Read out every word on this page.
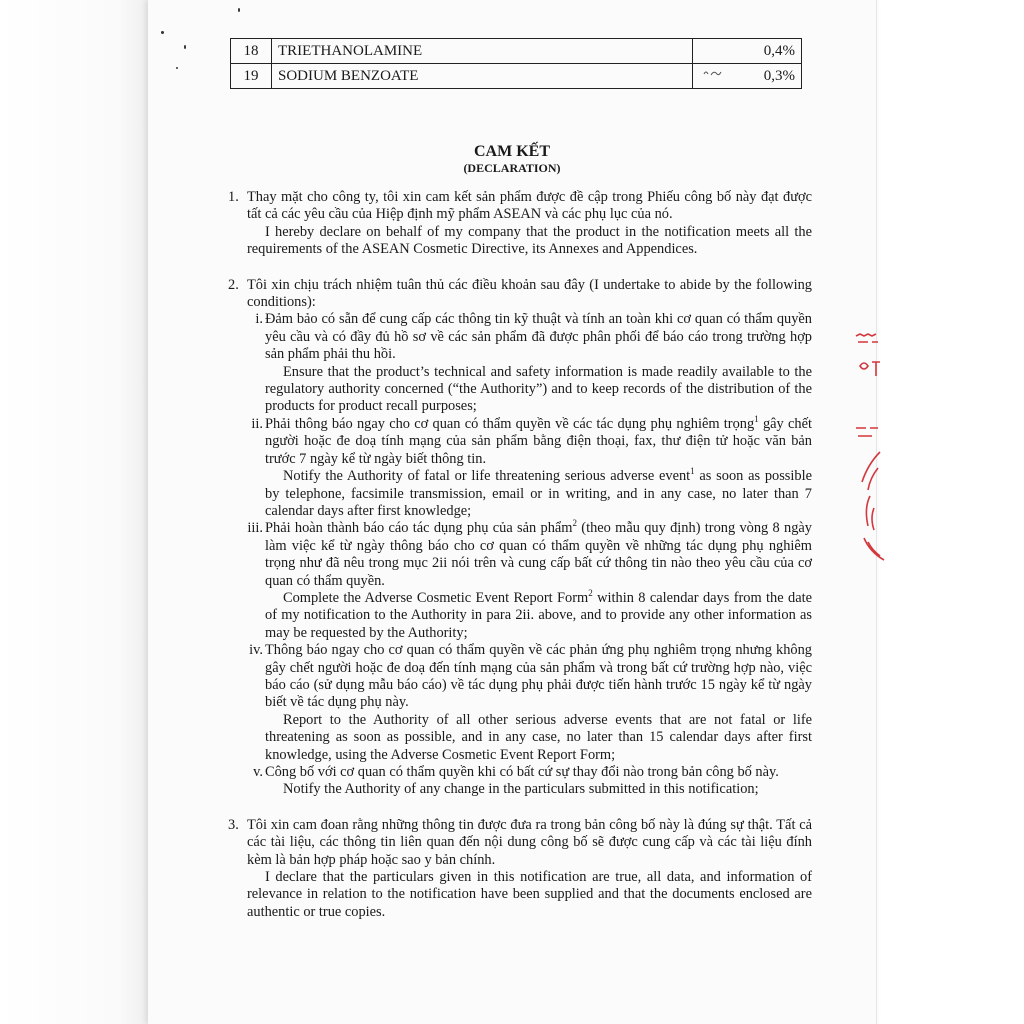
18	TRIETHANOLAMINE	0,4%
19	SODIUM BENZOATE	0,3%
CAM KẾT
(DECLARATION)
1. Thay mặt cho công ty, tôi xin cam kết sản phẩm được đề cập trong Phiếu công bố này đạt được tất cả các yêu cầu của Hiệp định mỹ phẩm ASEAN và các phụ lục của nó.
I hereby declare on behalf of my company that the product in the notification meets all the requirements of the ASEAN Cosmetic Directive, its Annexes and Appendices.
2. Tôi xin chịu trách nhiệm tuân thủ các điều khoản sau đây (I undertake to abide by the following conditions):
i. Đảm bảo có sẵn để cung cấp các thông tin kỹ thuật và tính an toàn khi cơ quan có thẩm quyền yêu cầu và có đầy đủ hồ sơ về các sản phẩm đã được phân phối để báo cáo trong trường hợp sản phẩm phải thu hồi.
Ensure that the product’s technical and safety information is made readily available to the regulatory authority concerned (“the Authority”) and to keep records of the distribution of the products for product recall purposes;
ii. Phải thông báo ngay cho cơ quan có thẩm quyền về các tác dụng phụ nghiêm trọng$^1$ gây chết người hoặc đe doạ tính mạng của sản phẩm bằng điện thoại, fax, thư điện tử hoặc văn bản trước 7 ngày kể từ ngày biết thông tin.
Notify the Authority of fatal or life threatening serious adverse event$^1$ as soon as possible by telephone, facsimile transmission, email or in writing, and in any case, no later than 7 calendar days after first knowledge;
iii. Phải hoàn thành báo cáo tác dụng phụ của sản phẩm$^2$ (theo mẫu quy định) trong vòng 8 ngày làm việc kể từ ngày thông báo cho cơ quan có thẩm quyền về những tác dụng phụ nghiêm trọng như đã nêu trong mục 2ii nói trên và cung cấp bất cứ thông tin nào theo yêu cầu của cơ quan có thẩm quyền.
Complete the Adverse Cosmetic Event Report Form$^2$ within 8 calendar days from the date of my notification to the Authority in para 2ii. above, and to provide any other information as may be requested by the Authority;
iv. Thông báo ngay cho cơ quan có thẩm quyền về các phản ứng phụ nghiêm trọng nhưng không gây chết người hoặc đe doạ đến tính mạng của sản phẩm và trong bất cứ trường hợp nào, việc báo cáo (sử dụng mẫu báo cáo) về tác dụng phụ phải được tiến hành trước 15 ngày kể từ ngày biết về tác dụng phụ này.
Report to the Authority of all other serious adverse events that are not fatal or life threatening as soon as possible, and in any case, no later than 15 calendar days after first knowledge, using the Adverse Cosmetic Event Report Form;
v. Công bố với cơ quan có thẩm quyền khi có bất cứ sự thay đổi nào trong bản công bố này.
Notify the Authority of any change in the particulars submitted in this notification;
3. Tôi xin cam đoan rằng những thông tin được đưa ra trong bản công bố này là đúng sự thật. Tất cả các tài liệu, các thông tin liên quan đến nội dung công bố sẽ được cung cấp và các tài liệu đính kèm là bản hợp pháp hoặc sao y bản chính.
I declare that the particulars given in this notification are true, all data, and information of relevance in relation to the notification have been supplied and that the documents enclosed are authentic or true copies.
